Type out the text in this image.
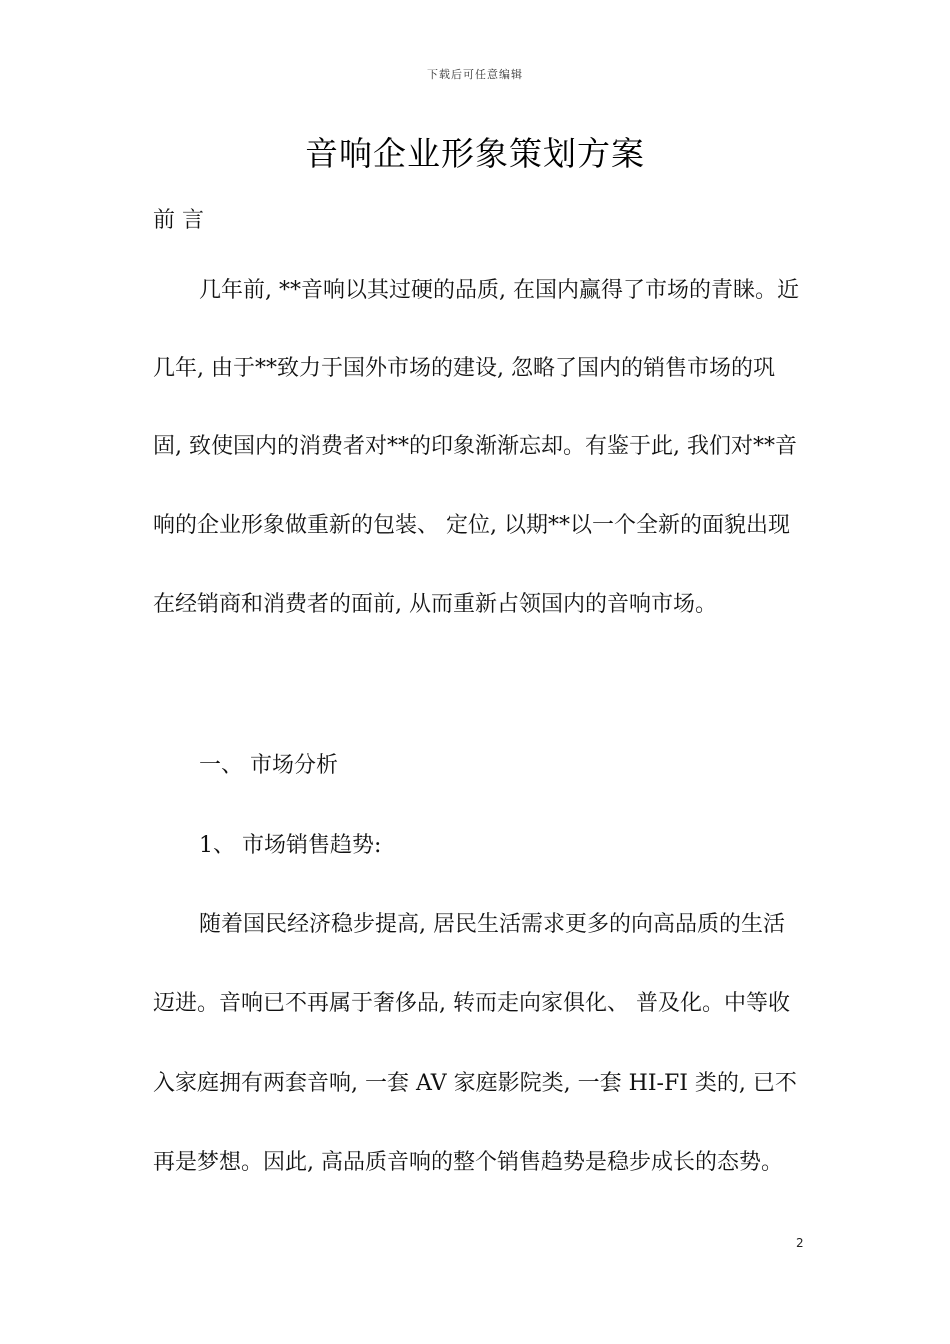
下载后可任意编辑
音响企业形象策划方案
前 言
几年前, **音响以其过硬的品质, 在国内赢得了市场的青睐。近
几年, 由于**致力于国外市场的建设, 忽略了国内的销售市场的巩
固, 致使国内的消费者对**的印象渐渐忘却。有鉴于此, 我们对**音
响的企业形象做重新的包装、 定位, 以期**以一个全新的面貌出现
在经销商和消费者的面前, 从而重新占领国内的音响市场。
一、 市场分析
1、 市场销售趋势:
随着国民经济稳步提高, 居民生活需求更多的向高品质的生活
迈进。音响已不再属于奢侈品, 转而走向家俱化、 普及化。中等收
入家庭拥有两套音响, 一套 AV 家庭影院类, 一套 HI-FI 类的, 已不
再是梦想。因此, 高品质音响的整个销售趋势是稳步成长的态势。
2
